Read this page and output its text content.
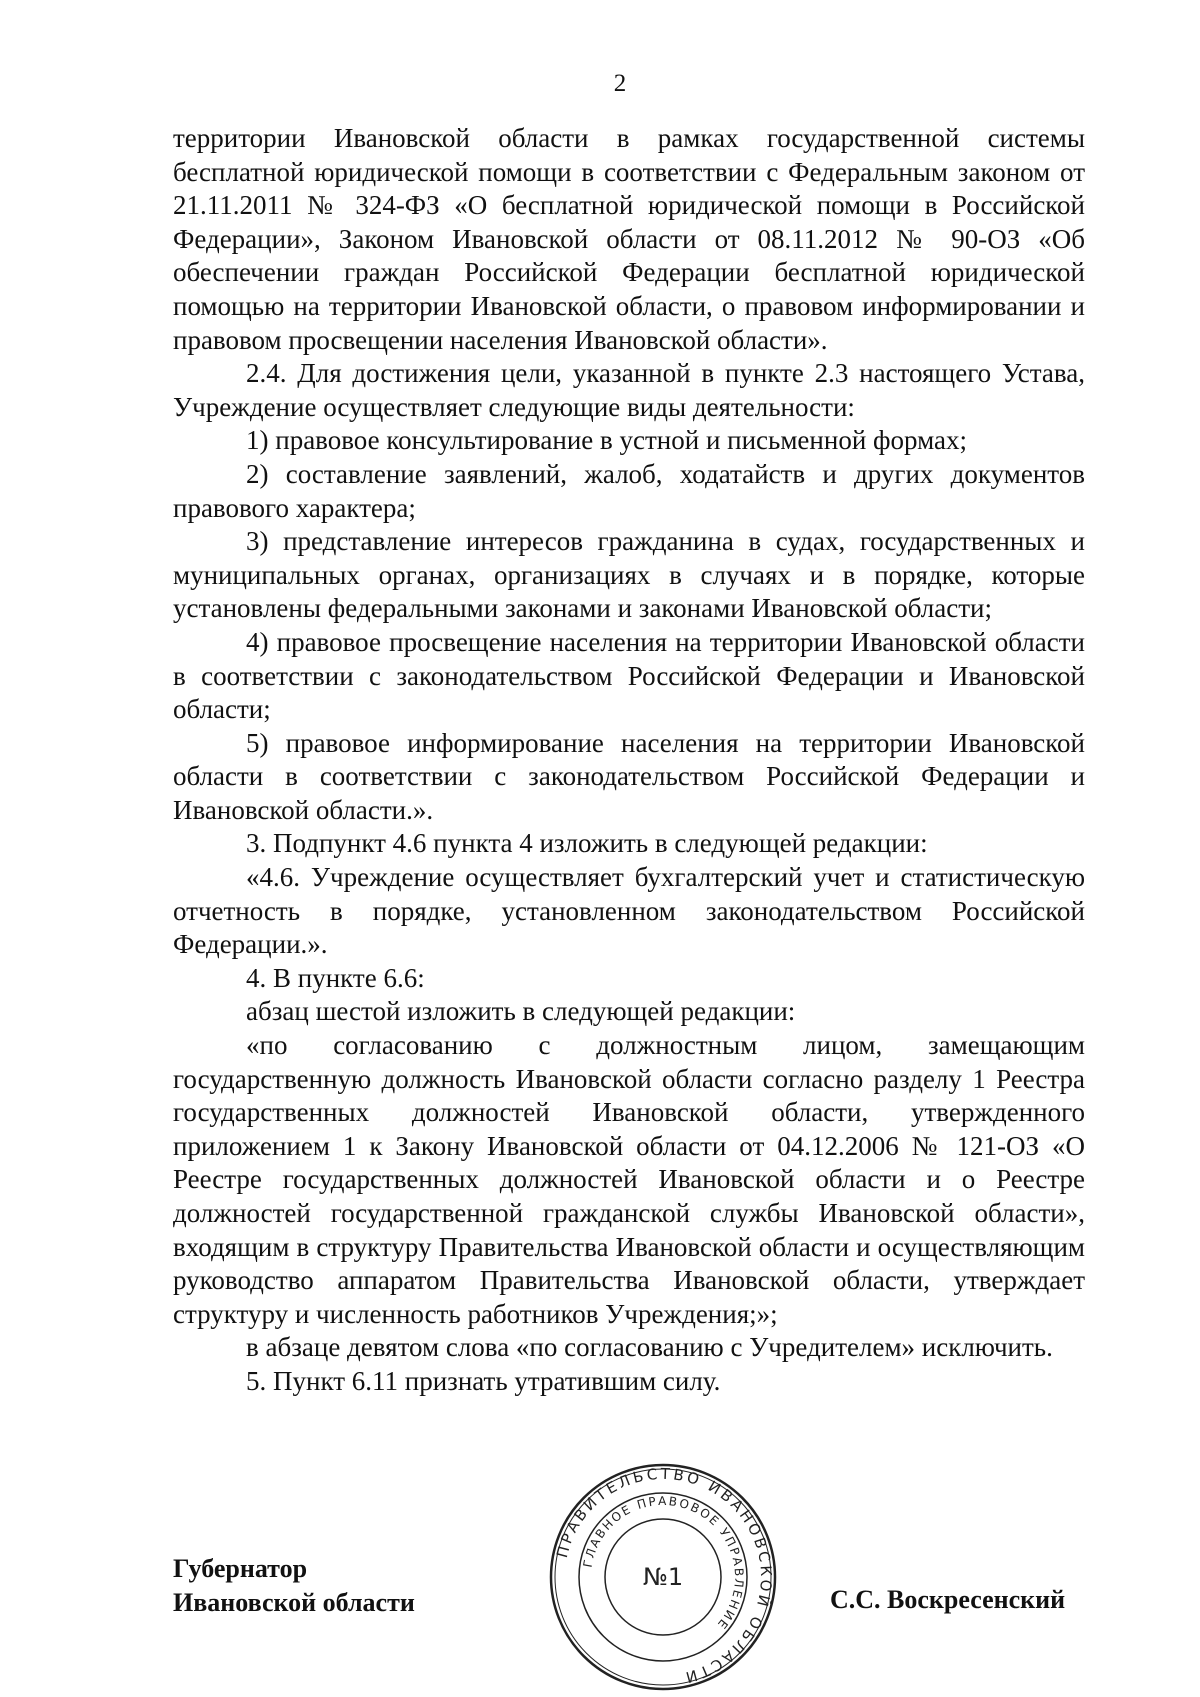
2

территории Ивановской области в рамках государственной системы бесплатной юридической помощи в соответствии с Федеральным законом от 21.11.2011 № 324-ФЗ «О бесплатной юридической помощи в Российской Федерации», Законом Ивановской области от 08.11.2012 № 90-ОЗ «Об обеспечении граждан Российской Федерации бесплатной юридической помощью на территории Ивановской области, о правовом информировании и правовом просвещении населения Ивановской области».

2.4. Для достижения цели, указанной в пункте 2.3 настоящего Устава, Учреждение осуществляет следующие виды деятельности:

1) правовое консультирование в устной и письменной формах;

2) составление заявлений, жалоб, ходатайств и других документов правового характера;

3) представление интересов гражданина в судах, государственных и муниципальных органах, организациях в случаях и в порядке, которые установлены федеральными законами и законами Ивановской области;

4) правовое просвещение населения на территории Ивановской области в соответствии с законодательством Российской Федерации и Ивановской области;

5) правовое информирование населения на территории Ивановской области в соответствии с законодательством Российской Федерации и Ивановской области.».

3. Подпункт 4.6 пункта 4 изложить в следующей редакции:

«4.6. Учреждение осуществляет бухгалтерский учет и статистическую отчетность в порядке, установленном законодательством Российской Федерации.».

4. В пункте 6.6:

абзац шестой изложить в следующей редакции:

«по согласованию с должностным лицом, замещающим государственную должность Ивановской области согласно разделу 1 Реестра государственных должностей Ивановской области, утвержденного приложением 1 к Закону Ивановской области от 04.12.2006 № 121-ОЗ «О Реестре государственных должностей Ивановской области и о Реестре должностей государственной гражданской службы Ивановской области», входящим в структуру Правительства Ивановской области и осуществляющим руководство аппаратом Правительства Ивановской области, утверждает структуру и численность работников Учреждения;»;

в абзаце девятом слова «по согласованию с Учредителем» исключить.

5. Пункт 6.11 признать утратившим силу.

Губернатор
Ивановской области	С.С. Воскресенский
ПРАВИТЕЛЬСТВО ИВАНОВСКОЙ ОБЛАСТИ
ГЛАВНОЕ ПРАВОВОЕ УПРАВЛЕНИЕ
№1
